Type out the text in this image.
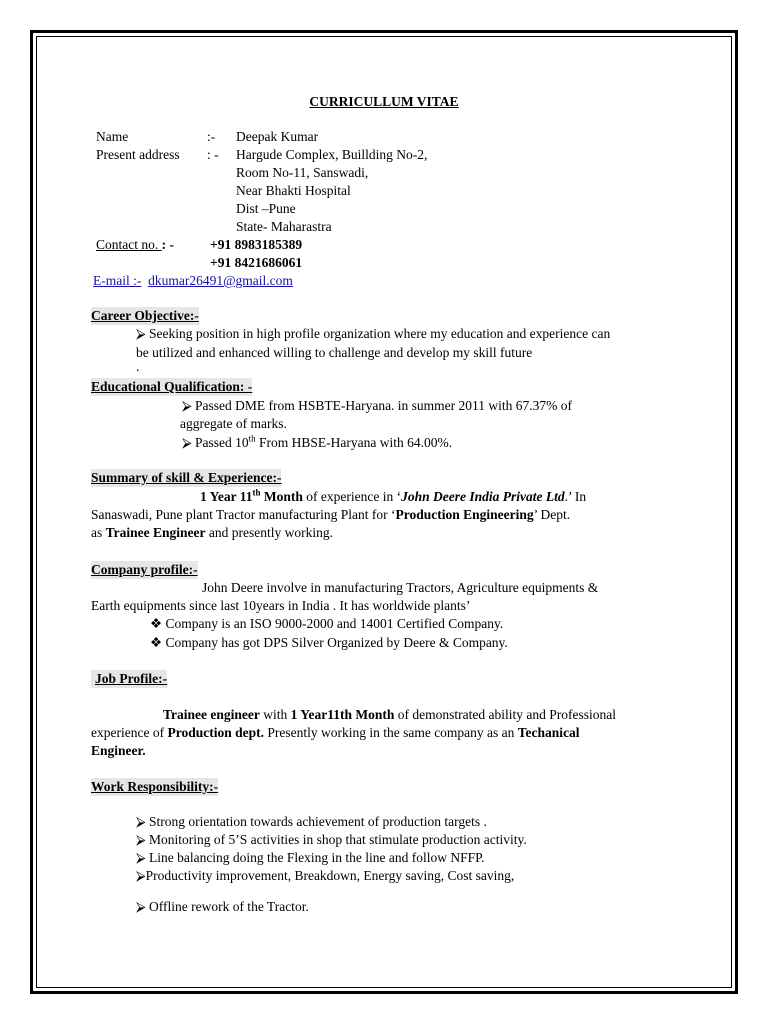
CURRICULLUM VITAE
Name	:- Deepak Kumar
Present address : - Hargude Complex, Buillding No-2,
Room No-11, Sanswadi,
Near Bhakti Hospital
Dist –Pune
State- Maharastra
Contact no. : -	+91 8983185389
+91 8421686061
E-mail :- dkumar26491@gmail.com
Career Objective:-
⮚ Seeking position in high profile organization where my education and experience can
be utilized and enhanced willing to challenge and develop my skill future
.
Educational Qualification: -
⮚ Passed DME from HSBTE-Haryana. in summer 2011 with 67.37% of
aggregate of marks.
⮚ Passed 10th From HBSE-Haryana with 64.00%.
Summary of skill & Experience:-
1 Year 11th Month of experience in ‘John Deere India Private Ltd.’ In
Sanaswadi, Pune plant Tractor manufacturing Plant for ‘Production Engineering’ Dept.
as Trainee Engineer and presently working.
Company profile:-
John Deere involve in manufacturing Tractors, Agriculture equipments &
Earth equipments since last 10years in India . It has worldwide plants’
❖ Company is an ISO 9000-2000 and 14001 Certified Company.
❖ Company has got DPS Silver Organized by Deere & Company.
Job Profile:-
Trainee engineer with 1 Year11th Month of demonstrated ability and Professional
experience of Production dept. Presently working in the same company as an Techanical
Engineer.
Work Responsibility:-
⮚ Strong orientation towards achievement of production targets .
⮚ Monitoring of 5’S activities in shop that stimulate production activity.
⮚ Line balancing doing the Flexing in the line and follow NFFP.
⮚Productivity improvement, Breakdown, Energy saving, Cost saving,
⮚ Offline rework of the Tractor.
